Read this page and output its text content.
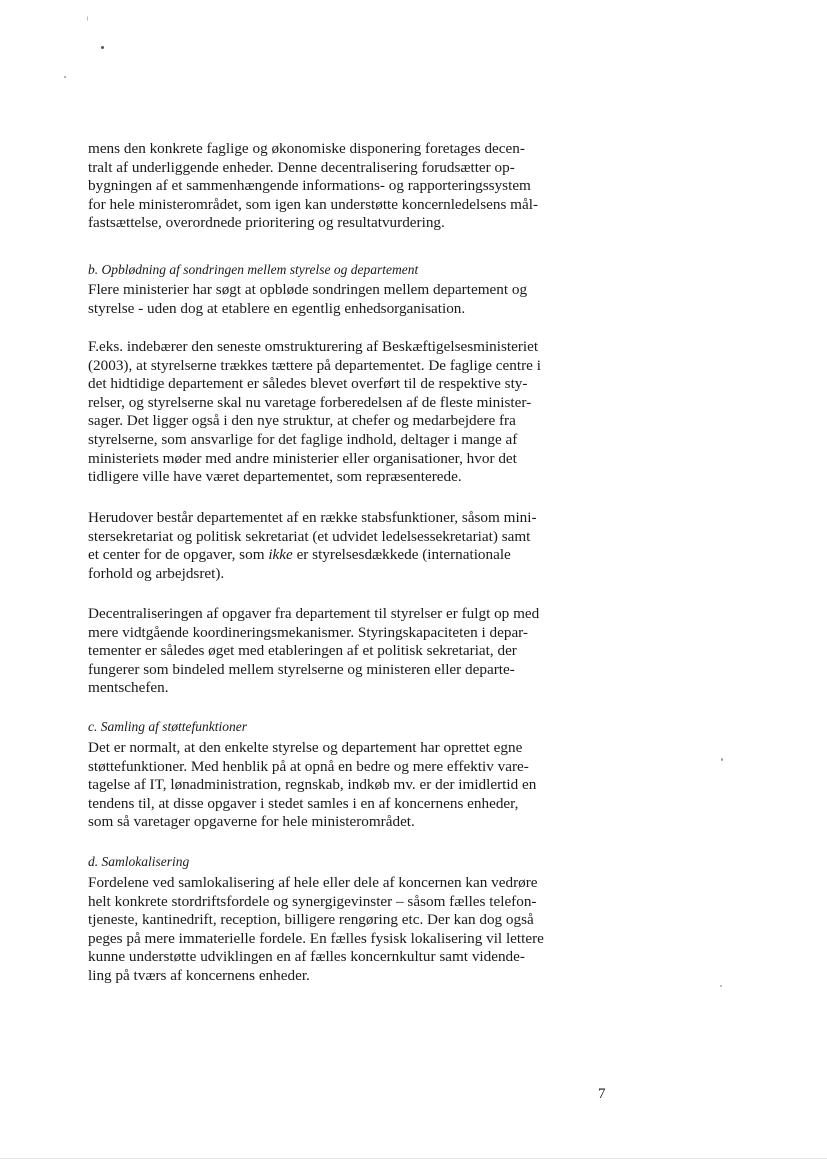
mens den konkrete faglige og økonomiske disponering foretages decen-
tralt af underliggende enheder. Denne decentralisering forudsætter op-
bygningen af et sammenhængende informations- og rapporteringssystem
for hele ministerområdet, som igen kan understøtte koncernledelsens mål-
fastsættelse, overordnede prioritering og resultatvurdering.
b. Opblødning af sondringen mellem styrelse og departement
Flere ministerier har søgt at opbløde sondringen mellem departement og
styrelse - uden dog at etablere en egentlig enhedsorganisation.
F.eks. indebærer den seneste omstrukturering af Beskæftigelsesministeriet
(2003), at styrelserne trækkes tættere på departementet. De faglige centre i
det hidtidige departement er således blevet overført til de respektive sty-
relser, og styrelserne skal nu varetage forberedelsen af de fleste minister-
sager. Det ligger også i den nye struktur, at chefer og medarbejdere fra
styrelserne, som ansvarlige for det faglige indhold, deltager i mange af
ministeriets møder med andre ministerier eller organisationer, hvor det
tidligere ville have været departementet, som repræsenterede.
Herudover består departementet af en række stabsfunktioner, såsom mini-
stersekretariat og politisk sekretariat (et udvidet ledelsessekretariat) samt
et center for de opgaver, som ikke er styrelsesdækkede (internationale
forhold og arbejdsret).
Decentraliseringen af opgaver fra departement til styrelser er fulgt op med
mere vidtgående koordineringsmekanismer. Styringskapaciteten i depar-
tementer er således øget med etableringen af et politisk sekretariat, der
fungerer som bindeled mellem styrelserne og ministeren eller departe-
mentschefen.
c. Samling af støttefunktioner
Det er normalt, at den enkelte styrelse og departement har oprettet egne
støttefunktioner. Med henblik på at opnå en bedre og mere effektiv vare-
tagelse af IT, lønadministration, regnskab, indkøb mv. er der imidlertid en
tendens til, at disse opgaver i stedet samles i en af koncernens enheder,
som så varetager opgaverne for hele ministerområdet.
d. Samlokalisering
Fordelene ved samlokalisering af hele eller dele af koncernen kan vedrøre
helt konkrete stordriftsfordele og synergigevinster – såsom fælles telefon-
tjeneste, kantinedrift, reception, billigere rengøring etc. Der kan dog også
peges på mere immaterielle fordele. En fælles fysisk lokalisering vil lettere
kunne understøtte udviklingen en af fælles koncernkultur samt vidende-
ling på tværs af koncernens enheder.
7
